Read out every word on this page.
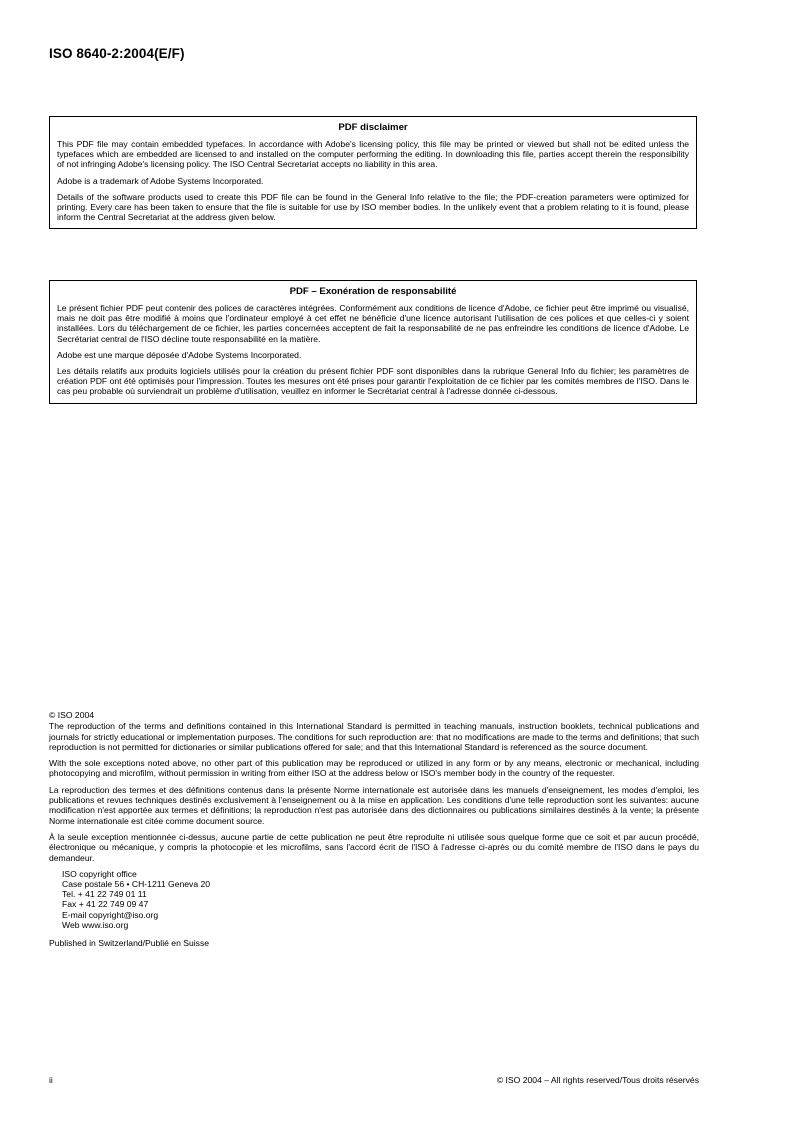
ISO 8640-2:2004(E/F)
PDF disclaimer

This PDF file may contain embedded typefaces. In accordance with Adobe's licensing policy, this file may be printed or viewed but shall not be edited unless the typefaces which are embedded are licensed to and installed on the computer performing the editing. In downloading this file, parties accept therein the responsibility of not infringing Adobe's licensing policy. The ISO Central Secretariat accepts no liability in this area.

Adobe is a trademark of Adobe Systems Incorporated.

Details of the software products used to create this PDF file can be found in the General Info relative to the file; the PDF-creation parameters were optimized for printing. Every care has been taken to ensure that the file is suitable for use by ISO member bodies. In the unlikely event that a problem relating to it is found, please inform the Central Secretariat at the address given below.

PDF – Exonération de responsabilité

Le présent fichier PDF peut contenir des polices de caractères intégrées. Conformément aux conditions de licence d'Adobe, ce fichier peut être imprimé ou visualisé, mais ne doit pas être modifié à moins que l'ordinateur employé à cet effet ne bénéficie d'une licence autorisant l'utilisation de ces polices et que celles-ci y soient installées. Lors du téléchargement de ce fichier, les parties concernées acceptent de fait la responsabilité de ne pas enfreindre les conditions de licence d'Adobe. Le Secrétariat central de l'ISO décline toute responsabilité en la matière.

Adobe est une marque déposée d'Adobe Systems Incorporated.

Les détails relatifs aux produits logiciels utilisés pour la création du présent fichier PDF sont disponibles dans la rubrique General Info du fichier; les paramètres de création PDF ont été optimisés pour l'impression. Toutes les mesures ont été prises pour garantir l'exploitation de ce fichier par les comités membres de l'ISO. Dans le cas peu probable où surviendrait un problème d'utilisation, veuillez en informer le Secrétariat central à l'adresse donnée ci-dessous.

© ISO 2004

The reproduction of the terms and definitions contained in this International Standard is permitted in teaching manuals, instruction booklets, technical publications and journals for strictly educational or implementation purposes. The conditions for such reproduction are: that no modifications are made to the terms and definitions; that such reproduction is not permitted for dictionaries or similar publications offered for sale; and that this International Standard is referenced as the source document.

With the sole exceptions noted above, no other part of this publication may be reproduced or utilized in any form or by any means, electronic or mechanical, including photocopying and microfilm, without permission in writing from either ISO at the address below or ISO's member body in the country of the requester.

La reproduction des termes et des définitions contenus dans la présente Norme internationale est autorisée dans les manuels d'enseignement, les modes d'emploi, les publications et revues techniques destinés exclusivement à l'enseignement ou à la mise en application. Les conditions d'une telle reproduction sont les suivantes: aucune modification n'est apportée aux termes et définitions; la reproduction n'est pas autorisée dans des dictionnaires ou publications similaires destinés à la vente; la présente Norme internationale est citée comme document source.

À la seule exception mentionnée ci-dessus, aucune partie de cette publication ne peut être reproduite ni utilisée sous quelque forme que ce soit et par aucun procédé, électronique ou mécanique, y compris la photocopie et les microfilms, sans l'accord écrit de l'ISO à l'adresse ci-après ou du comité membre de l'ISO dans le pays du demandeur.

ISO copyright office
Case postale 56 • CH-1211 Geneva 20
Tel. + 41 22 749 01 11
Fax + 41 22 749 09 47
E-mail copyright@iso.org
Web www.iso.org

Published in Switzerland/Publié en Suisse

ii	© ISO 2004 – All rights reserved/Tous droits réservés
